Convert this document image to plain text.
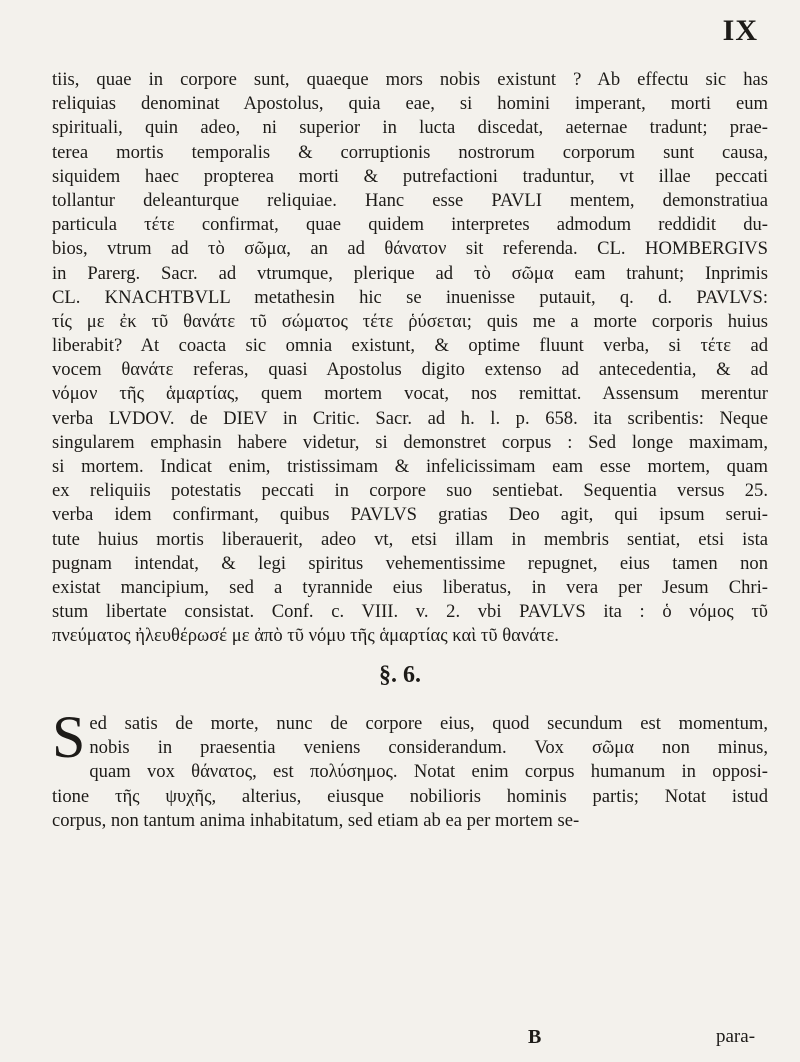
IX
tiis, quae in corpore sunt, quaeque mors nobis existunt ? Ab effectu sic has
reliquias denominat Apostolus, quia eae, si homini imperant, morti eum
spirituali, quin adeo, ni superior in lucta discedat, aeternae tradunt; prae-
terea mortis temporalis & corruptionis nostrorum corporum sunt causa,
siquidem haec propterea morti & putrefactioni traduntur, vt illae peccati
tollantur deleanturque reliquiae. Hanc esse PAVLI mentem, demonstratiua
particula τέτε confirmat, quae quidem interpretes admodum reddidit du-
bios, vtrum ad τὸ σῶμα, an ad θάνατον sit referenda. CL. HOMBERGIVS
in Parerg. Sacr. ad vtrumque, plerique ad τὸ σῶμα eam trahunt; Inprimis
CL. KNACHTBVLL metathesin hic se inuenisse putauit, q. d. PAVLVS:
τίς με ἐκ τῦ θανάτε τῦ σώματος τέτε ῥύσεται; quis me a morte corporis huius
liberabit? At coacta sic omnia existunt, & optime fluunt verba, si τέτε ad
vocem θανάτε referas, quasi Apostolus digito extenso ad antecedentia, & ad
νόμον τῆς ἁμαρτίας, quem mortem vocat, nos remittat. Assensum merentur
verba LVDOV. de DIEV in Critic. Sacr. ad h. l. p. 658. ita scribentis: Neque
singularem emphasin habere videtur, si demonstret corpus : Sed longe maximam,
si mortem. Indicat enim, tristissimam & infelicissimam eam esse mortem, quam
ex reliquiis potestatis peccati in corpore suo sentiebat. Sequentia versus 25.
verba idem confirmant, quibus PAVLVS gratias Deo agit, qui ipsum serui-
tute huius mortis liberauerit, adeo vt, etsi illam in membris sentiat, etsi ista
pugnam intendat, & legi spiritus vehementissime repugnet, eius tamen non
existat mancipium, sed a tyrannide eius liberatus, in vera per Jesum Chri-
stum libertate consistat. Conf. c. VIII. v. 2. vbi PAVLVS ita : ὁ νόμος τῦ
πνεύματος ἠλευθέρωσέ με ἀπὸ τῦ νόμυ τῆς ἁμαρτίας καὶ τῦ θανάτε.
§. 6.
S ed satis de morte, nunc de corpore eius, quod secundum est momentum,
nobis in praesentia veniens considerandum. Vox σῶμα non minus,
quam vox θάνατος, est πολύσημος. Notat enim corpus humanum in opposi-
tione τῆς ψυχῆς, alterius, eiusque nobilioris hominis partis; Notat istud
corpus, non tantum anima inhabitatum, sed etiam ab ea per mortem se-
B	para-
